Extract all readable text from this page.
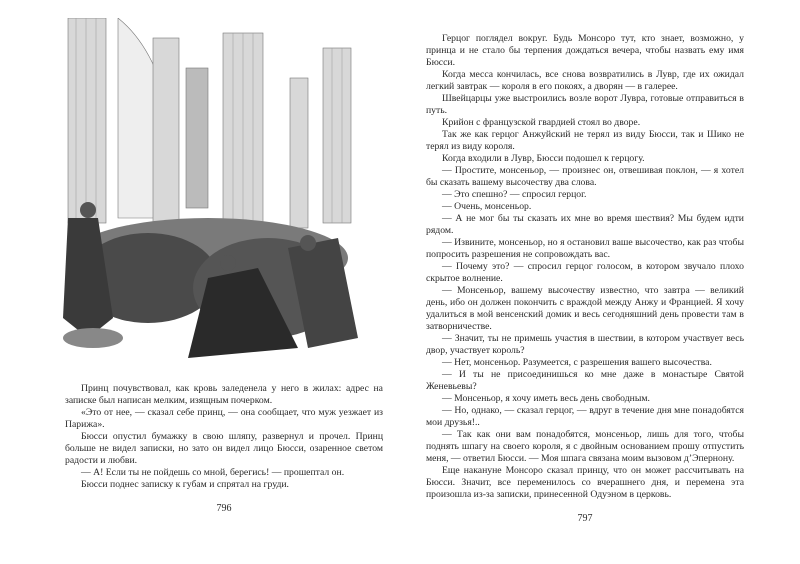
Принц почувствовал, как кровь заледенела у него в жилах: адрес на записке был написан мелким, изящным почерком.

«Это от нее, — сказал себе принц, — она сообщает, что муж уезжает из Парижа».

Бюсси опустил бумажку в свою шляпу, развернул и прочел. Принц больше не видел записки, но зато он видел лицо Бюсси, озаренное светом радости и любви.

— А! Если ты не пойдешь со мной, берегись! — прошептал он.

Бюсси поднес записку к губам и спрятал на груди.

796

Герцог поглядел вокруг. Будь Монсоро тут, кто знает, возможно, у принца и не стало бы терпения дождаться вечера, чтобы назвать ему имя Бюсси.

Когда месса кончилась, все снова возвратились в Лувр, где их ожидал легкий завтрак — короля в его покоях, а дворян — в галерее.

Швейцарцы уже выстроились возле ворот Лувра, готовые отправиться в путь.

Крийон с французской гвардией стоял во дворе.

Так же как герцог Анжуйский не терял из виду Бюсси, так и Шико не терял из виду короля.

Когда входили в Лувр, Бюсси подошел к герцогу.

— Простите, монсеньор, — произнес он, отвешивая поклон, — я хотел бы сказать вашему высочеству два слова.

— Это спешно? — спросил герцог.

— Очень, монсеньор.

— А не мог бы ты сказать их мне во время шествия? Мы будем идти рядом.

— Извините, монсеньор, но я остановил ваше высочество, как раз чтобы попросить разрешения не сопровождать вас.

— Почему это? — спросил герцог голосом, в котором звучало плохо скрытое волнение.

— Монсеньор, вашему высочеству известно, что завтра — великий день, ибо он должен покончить с враждой между Анжу и Францией. Я хочу удалиться в мой венсенский домик и весь сегодняшний день провести там в затворничестве.

— Значит, ты не примешь участия в шествии, в котором участвует весь двор, участвует король?

— Нет, монсеньор. Разумеется, с разрешения вашего высочества.

— И ты не присоединишься ко мне даже в монастыре Святой Женевьевы?

— Монсеньор, я хочу иметь весь день свободным.

— Но, однако, — сказал герцог, — вдруг в течение дня мне понадобятся мои друзья!..

— Так как они вам понадобятся, монсеньор, лишь для того, чтобы поднять шпагу на своего короля, я с двойным основанием прошу отпустить меня, — ответил Бюсси. — Моя шпага связана моим вызовом д’Эпернону.

Еще накануне Монсоро сказал принцу, что он может рассчитывать на Бюсси. Значит, все переменилось со вчерашнего дня, и перемена эта произошла из-за записки, принесенной Одуэном в церковь.

797
